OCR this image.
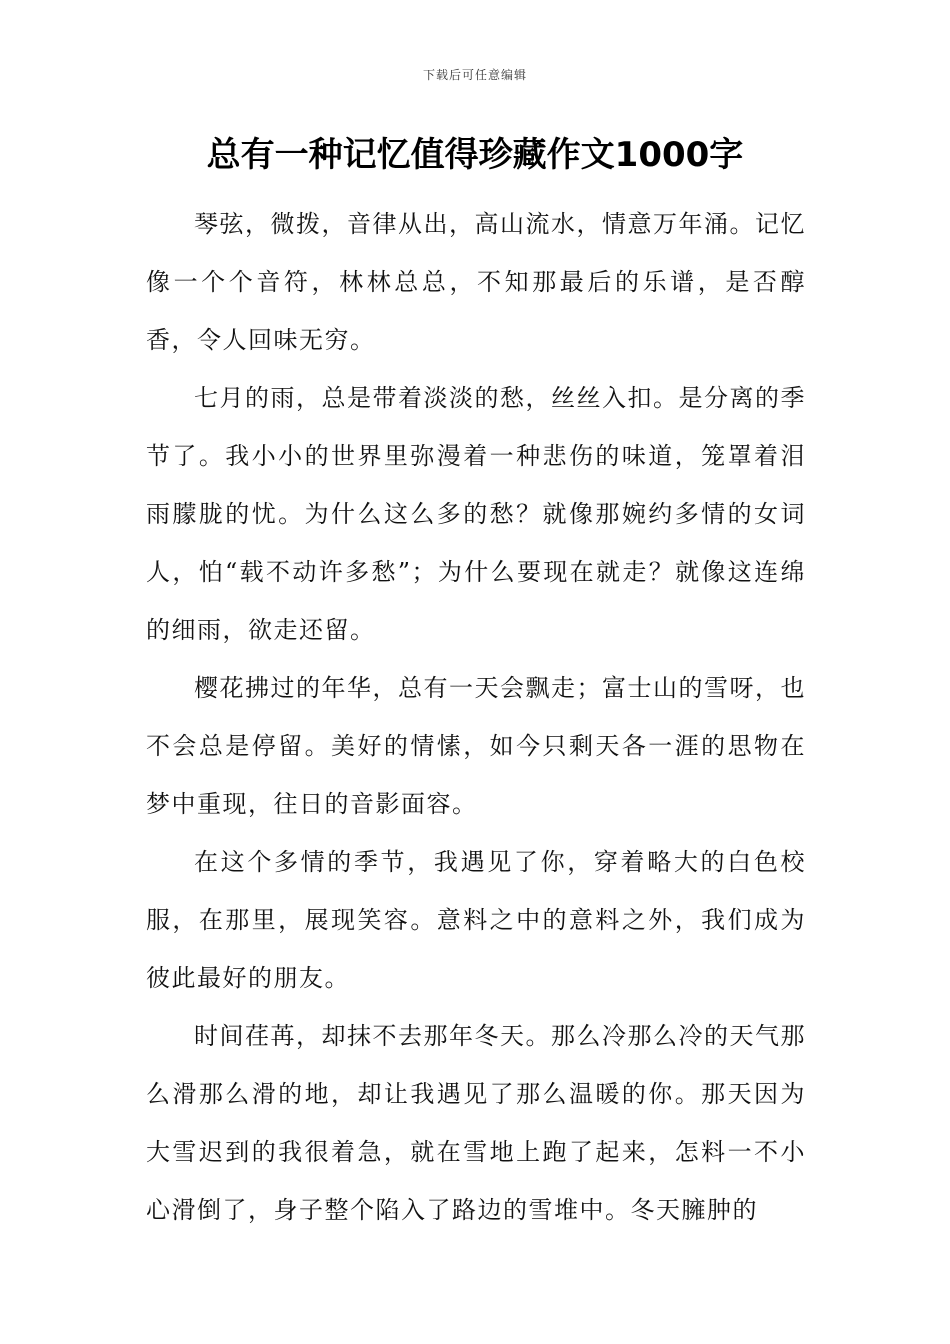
下载后可任意编辑
总有一种记忆值得珍藏作文1000字

琴弦，微拨，音律从出，高山流水，情意万年涌。记忆像一个个音符，林林总总，不知那最后的乐谱，是否醇香，令人回味无穷。

七月的雨，总是带着淡淡的愁，丝丝入扣。是分离的季节了。我小小的世界里弥漫着一种悲伤的味道，笼罩着泪雨朦胧的忧。为什么这么多的愁？就像那婉约多情的女词人，怕“载不动许多愁”；为什么要现在就走？就像这连绵的细雨，欲走还留。

樱花拂过的年华，总有一天会飘走；富士山的雪呀，也不会总是停留。美好的情愫，如今只剩天各一涯的思物在梦中重现，往日的音影面容。

在这个多情的季节，我遇见了你，穿着略大的白色校服，在那里，展现笑容。意料之中的意料之外，我们成为彼此最好的朋友。

时间荏苒，却抹不去那年冬天。那么冷那么冷的天气那么滑那么滑的地，却让我遇见了那么温暖的你。那天因为大雪迟到的我很着急，就在雪地上跑了起来，怎料一不小心滑倒了，身子整个陷入了路边的雪堆中。冬天臃肿的
